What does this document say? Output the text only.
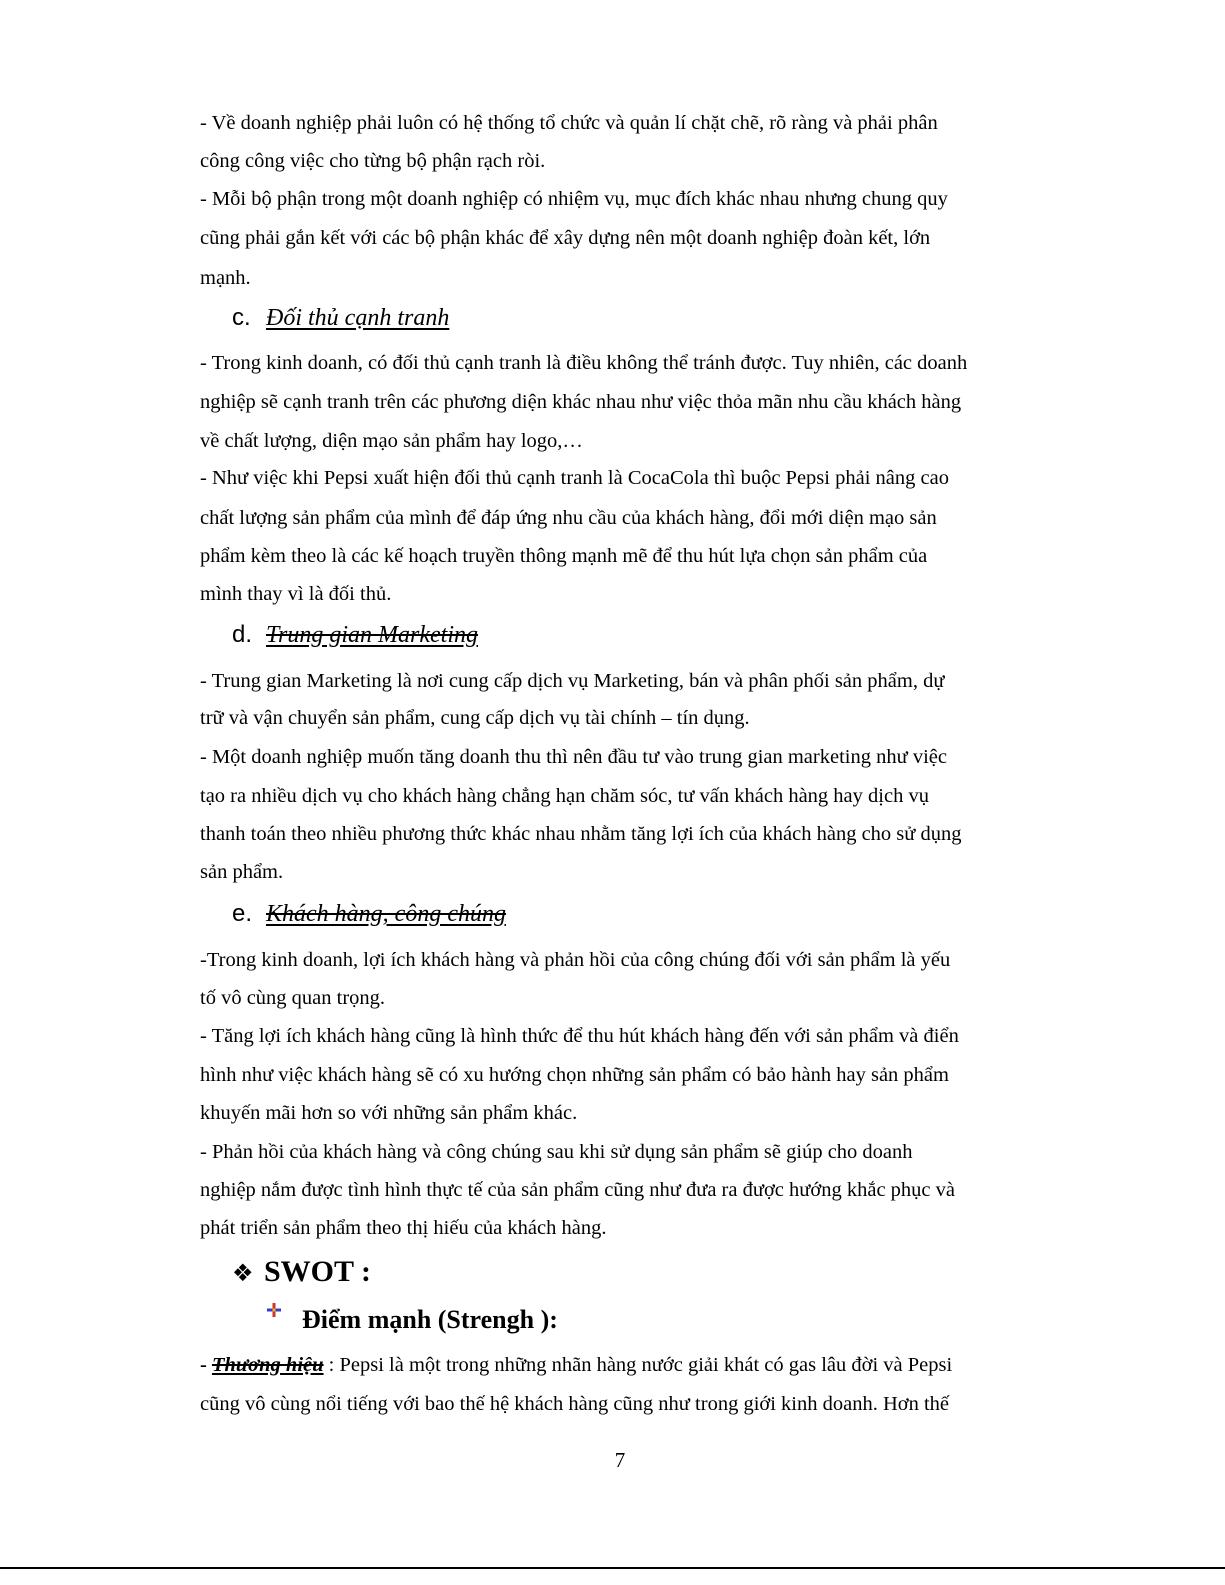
- Về doanh nghiệp phải luôn có hệ thống tổ chức và quản lí chặt chẽ, rõ ràng và phải phân
công công việc cho từng bộ phận rạch ròi.
- Mỗi bộ phận trong một doanh nghiệp có nhiệm vụ, mục đích khác nhau nhưng chung quy
cũng phải gắn kết với các bộ phận khác để xây dựng nên một doanh nghiệp đoàn kết, lớn
mạnh.
c. Đối thủ cạnh tranh
- Trong kinh doanh, có đối thủ cạnh tranh là điều không thể tránh được. Tuy nhiên, các doanh
nghiệp sẽ cạnh tranh trên các phương diện khác nhau như việc thỏa mãn nhu cầu khách hàng
về chất lượng, diện mạo sản phẩm hay logo,…
- Như việc khi Pepsi xuất hiện đối thủ cạnh tranh là CocaCola thì buộc Pepsi phải nâng cao
chất lượng sản phẩm của mình để đáp ứng nhu cầu của khách hàng, đổi mới diện mạo sản
phẩm kèm theo là các kế hoạch truyền thông mạnh mẽ để thu hút lựa chọn sản phẩm của
mình thay vì là đối thủ.
d. Trung gian Marketing
- Trung gian Marketing là nơi cung cấp dịch vụ Marketing, bán và phân phối sản phẩm, dự
trữ và vận chuyển sản phẩm, cung cấp dịch vụ tài chính – tín dụng.
- Một doanh nghiệp muốn tăng doanh thu thì nên đầu tư vào trung gian marketing như việc
tạo ra nhiều dịch vụ cho khách hàng chẳng hạn chăm sóc, tư vấn khách hàng hay dịch vụ
thanh toán theo nhiều phương thức khác nhau nhằm tăng lợi ích của khách hàng cho sử dụng
sản phẩm.
e. Khách hàng, công chúng
-Trong kinh doanh, lợi ích khách hàng và phản hồi của công chúng đối với sản phẩm là yếu
tố vô cùng quan trọng.
- Tăng lợi ích khách hàng cũng là hình thức để thu hút khách hàng đến với sản phẩm và điển
hình như việc khách hàng sẽ có xu hướng chọn những sản phẩm có bảo hành hay sản phẩm
khuyến mãi hơn so với những sản phẩm khác.
- Phản hồi của khách hàng và công chúng sau khi sử dụng sản phẩm sẽ giúp cho doanh
nghiệp nắm được tình hình thực tế của sản phẩm cũng như đưa ra được hướng khắc phục và
phát triển sản phẩm theo thị hiếu của khách hàng.
❖ SWOT :
Điểm mạnh (Strengh ):
- Thương hiệu : Pepsi là một trong những nhãn hàng nước giải khát có gas lâu đời và Pepsi
cũng vô cùng nổi tiếng với bao thế hệ khách hàng cũng như trong giới kinh doanh. Hơn thế
7
